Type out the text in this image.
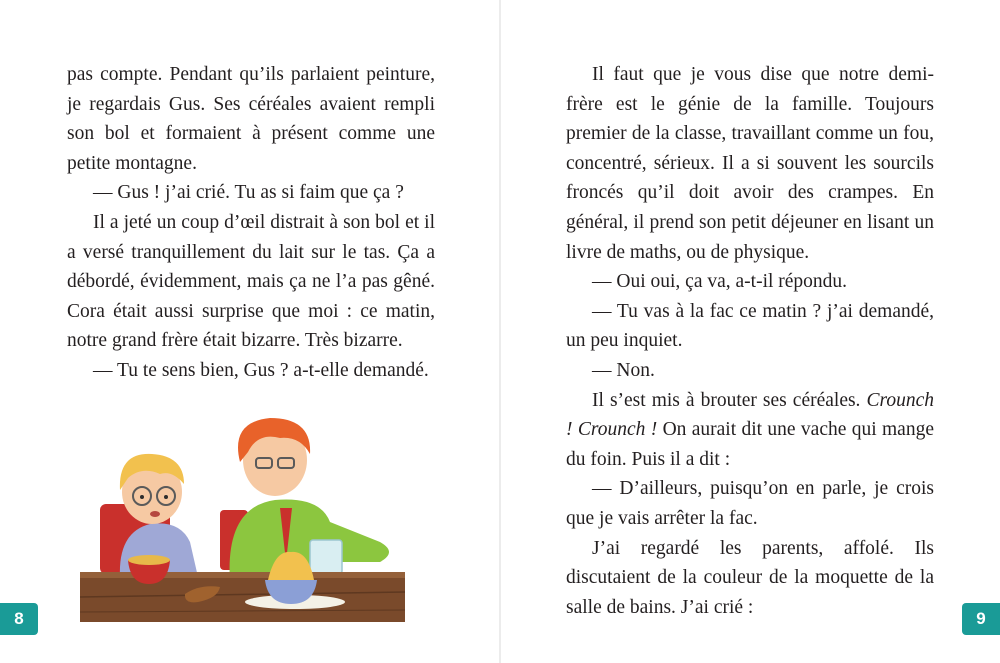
pas compte. Pendant qu’ils parlaient peinture, je regardais Gus. Ses céréales avaient rempli son bol et formaient à présent comme une petite montagne.

— Gus ! j’ai crié. Tu as si faim que ça ?

Il a jeté un coup d’œil distrait à son bol et il a versé tranquillement du lait sur le tas. Ça a débordé, évidemment, mais ça ne l’a pas gêné. Cora était aussi surprise que moi : ce matin, notre grand frère était bizarre. Très bizarre.

— Tu te sens bien, Gus ? a-t-elle demandé.

8	9

Il faut que je vous dise que notre demi-frère est le génie de la famille. Toujours premier de la classe, travaillant comme un fou, concentré, sérieux. Il a si souvent les sourcils froncés qu’il doit avoir des crampes. En général, il prend son petit déjeuner en lisant un livre de maths, ou de physique.

— Oui oui, ça va, a-t-il répondu.

— Tu vas à la fac ce matin ? j’ai demandé, un peu inquiet.

— Non.

Il s’est mis à brouter ses céréales. Crounch ! Crounch ! On aurait dit une vache qui mange du foin. Puis il a dit :

— D’ailleurs, puisqu’on en parle, je crois que je vais arrêter la fac.

J’ai regardé les parents, affolé. Ils discutaient de la couleur de la moquette de la salle de bains. J’ai crié :
